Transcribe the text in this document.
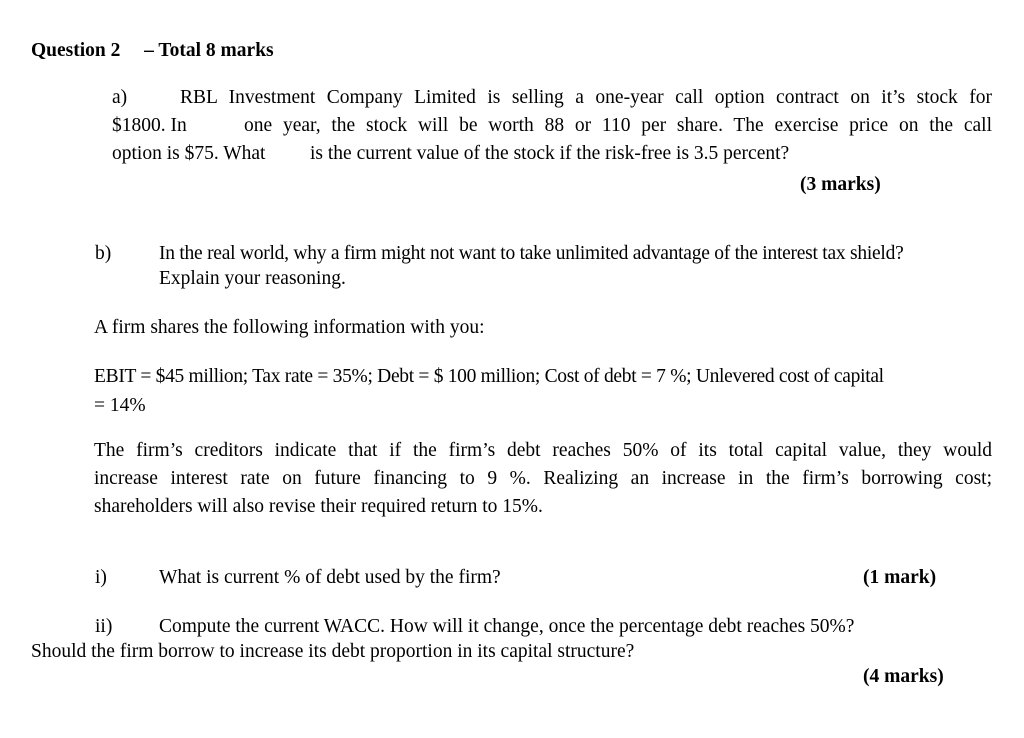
Question 2 – Total 8 marks
a)	RBL Investment Company Limited is selling a one-year call option contract on it’s stock for
$1800. In	one year, the stock will be worth 88 or 110 per share. The exercise price on the call
option is $75. What is the current value of the stock if the risk-free is 3.5 percent?
(3 marks)
b) In the real world, why a firm might not want to take unlimited advantage of the interest tax shield?
Explain your reasoning.
A firm shares the following information with you:
EBIT = $45 million; Tax rate = 35%; Debt = $ 100 million; Cost of debt = 7 %; Unlevered cost of capital
= 14%
The firm’s creditors indicate that if the firm’s debt reaches 50% of its total capital value, they would
increase interest rate on future financing to 9 %. Realizing an increase in the firm’s borrowing cost;
shareholders will also revise their required return to 15%.
i)	What is current % of debt used by the firm?	(1 mark)
ii) Compute the current WACC. How will it change, once the percentage debt reaches 50%?
Should the firm borrow to increase its debt proportion in its capital structure?
(4 marks)
